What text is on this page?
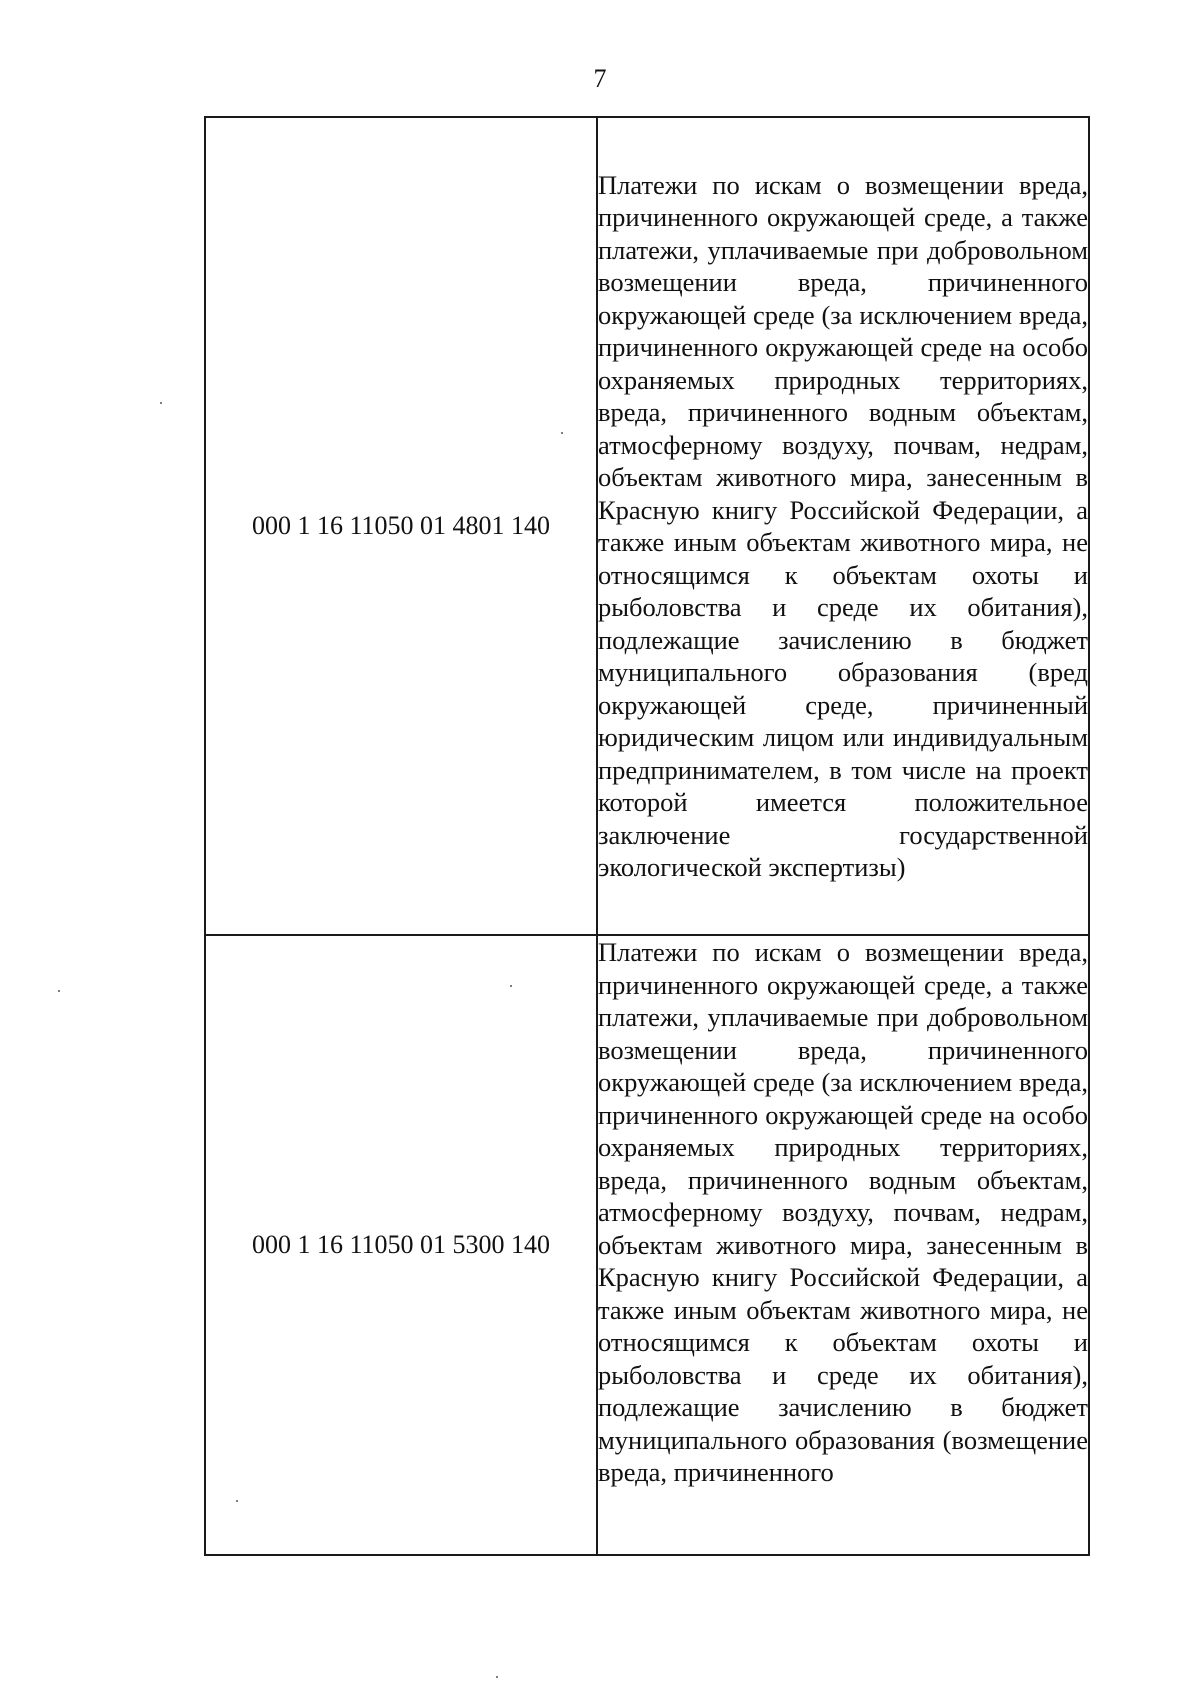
7
000 1 16 11050 01 4801 140	Платежи по искам о возмещении вреда, причиненного окружающей среде, а также платежи, уплачиваемые при добровольном возмещении вреда, причиненного окружающей среде (за исключением вреда, причиненного окружающей среде на особо охраняемых природных территориях, вреда, причиненного водным объектам, атмосферному воздуху, почвам, недрам, объектам животного мира, занесенным в Красную книгу Российской Федерации, а также иным объектам животного мира, не относящимся к объектам охоты и рыболовства и среде их обитания), подлежащие зачислению в бюджет муниципального образования (вред окружающей среде, причиненный юридическим лицом или индивидуальным предпринимателем, в том числе на проект которой имеется положительное заключение государственной экологической экспертизы)

000 1 16 11050 01 5300 140	Платежи по искам о возмещении вреда, причиненного окружающей среде, а также платежи, уплачиваемые при добровольном возмещении вреда, причиненного окружающей среде (за исключением вреда, причиненного окружающей среде на особо охраняемых природных территориях, вреда, причиненного водным объектам, атмосферному воздуху, почвам, недрам, объектам животного мира, занесенным в Красную книгу Российской Федерации, а также иным объектам животного мира, не относящимся к объектам охоты и рыболовства и среде их обитания), подлежащие зачислению в бюджет муниципального образования (возмещение вреда, причиненного
